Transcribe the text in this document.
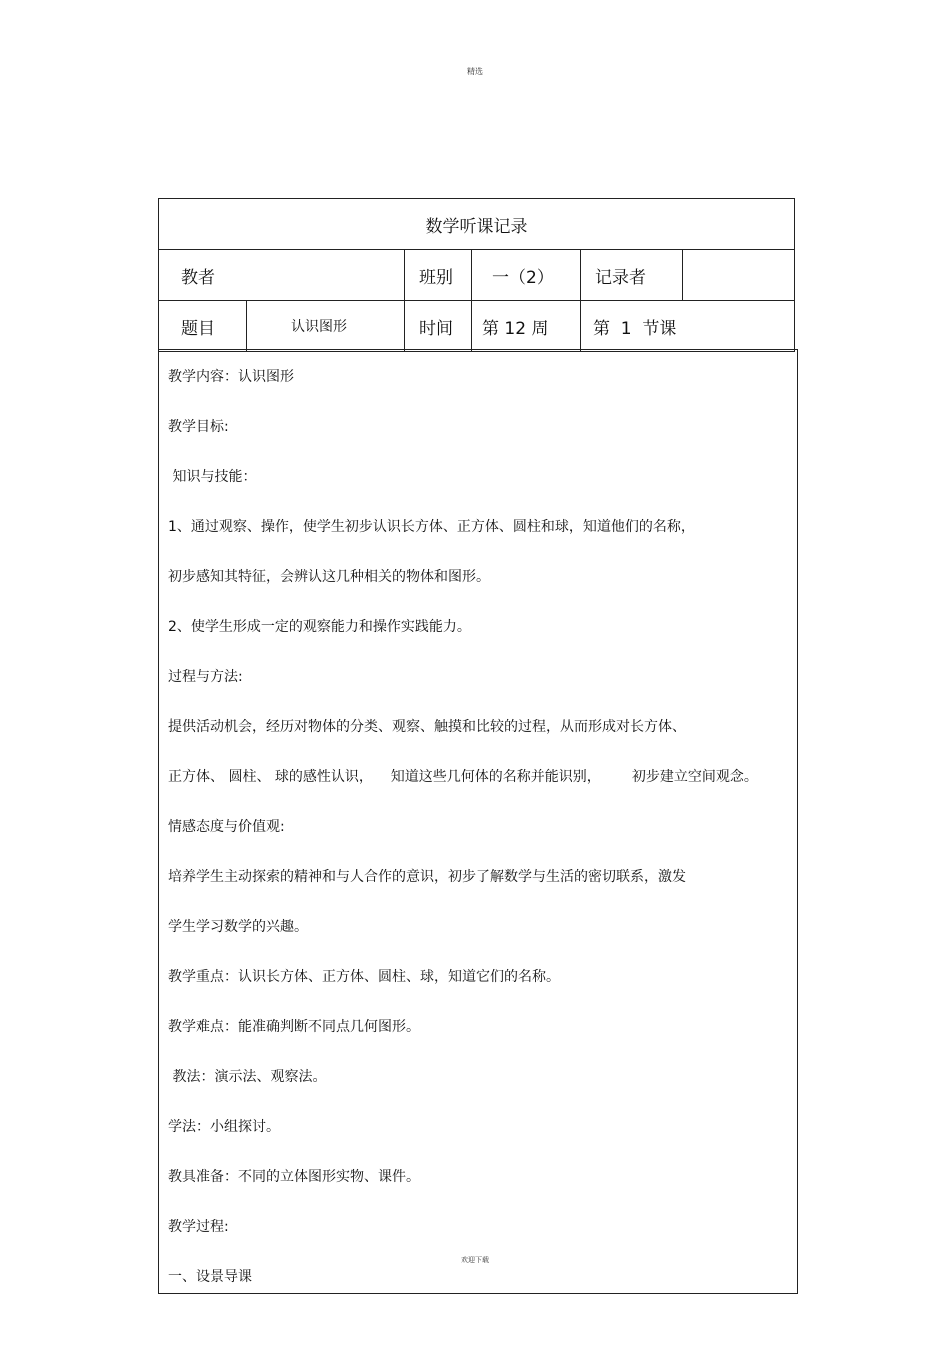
精选
数学听课记录					
教者		班别	一（2）	记录者	
题目	认识图形	时间	第 12 周	第  1  节课	
教学内容：认识图形
教学目标:
知识与技能：
1、通过观察、操作，使学生初步认识长方体、正方体、圆柱和球，知道他们的名称，
初步感知其特征，会辨认这几种相关的物体和图形。
2、使学生形成一定的观察能力和操作实践能力。
过程与方法:
提供活动机会，经历对物体的分类、观察、触摸和比较的过程，从而形成对长方体、
正方体、 圆柱、 球的感性认识，    知道这些几何体的名称并能识别，       初步建立空间观念。
情感态度与价值观:
培养学生主动探索的精神和与人合作的意识，初步了解数学与生活的密切联系，激发
学生学习数学的兴趣。
教学重点：认识长方体、正方体、圆柱、球，知道它们的名称。
教学难点：能准确判断不同点几何图形。
教法：演示法、观察法。
学法：小组探讨。
教具准备：不同的立体图形实物、课件。
教学过程:
一、设景导课
欢迎下载
